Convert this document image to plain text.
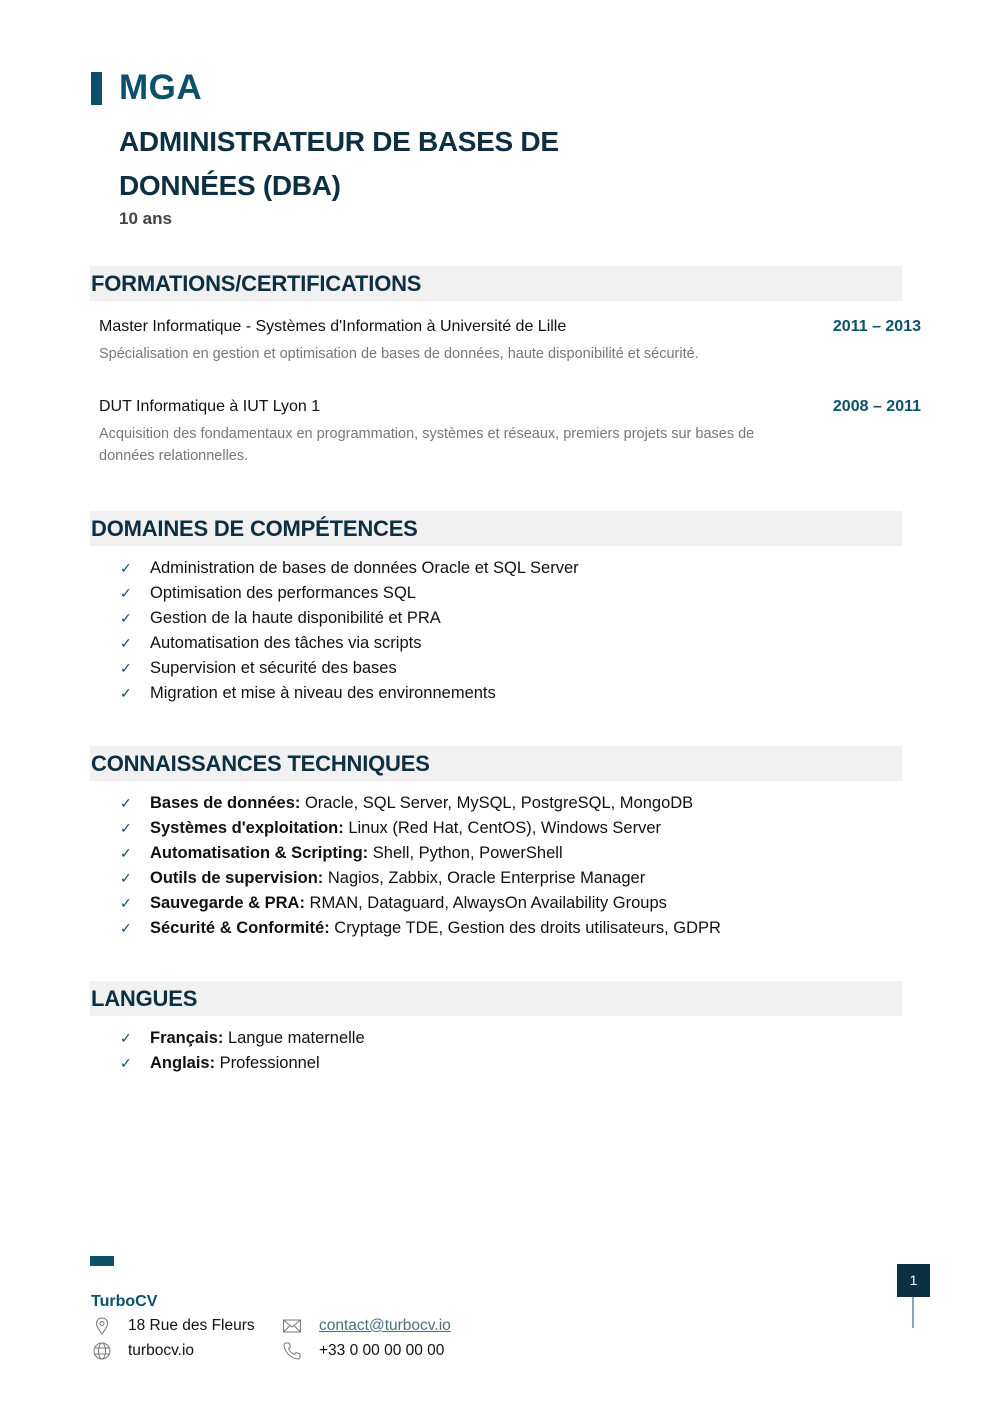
MGA
ADMINISTRATEUR DE BASES DE DONNÉES (DBA)
10 ans
FORMATIONS/CERTIFICATIONS
Master Informatique - Systèmes d'Information à Université de Lille	2011 – 2013
Spécialisation en gestion et optimisation de bases de données, haute disponibilité et sécurité.
DUT Informatique à IUT Lyon 1	2008 – 2011
Acquisition des fondamentaux en programmation, systèmes et réseaux, premiers projets sur bases de données relationnelles.
DOMAINES DE COMPÉTENCES
✓ Administration de bases de données Oracle et SQL Server
✓ Optimisation des performances SQL
✓ Gestion de la haute disponibilité et PRA
✓ Automatisation des tâches via scripts
✓ Supervision et sécurité des bases
✓ Migration et mise à niveau des environnements
CONNAISSANCES TECHNIQUES
✓ Bases de données: Oracle, SQL Server, MySQL, PostgreSQL, MongoDB
✓ Systèmes d'exploitation: Linux (Red Hat, CentOS), Windows Server
✓ Automatisation & Scripting: Shell, Python, PowerShell
✓ Outils de supervision: Nagios, Zabbix, Oracle Enterprise Manager
✓ Sauvegarde & PRA: RMAN, Dataguard, AlwaysOn Availability Groups
✓ Sécurité & Conformité: Cryptage TDE, Gestion des droits utilisateurs, GDPR
LANGUES
✓ Français: Langue maternelle
✓ Anglais: Professionnel
TurboCV
18 Rue des Fleurs
turbocv.io
contact@turbocv.io
+33 0 00 00 00 00
1
